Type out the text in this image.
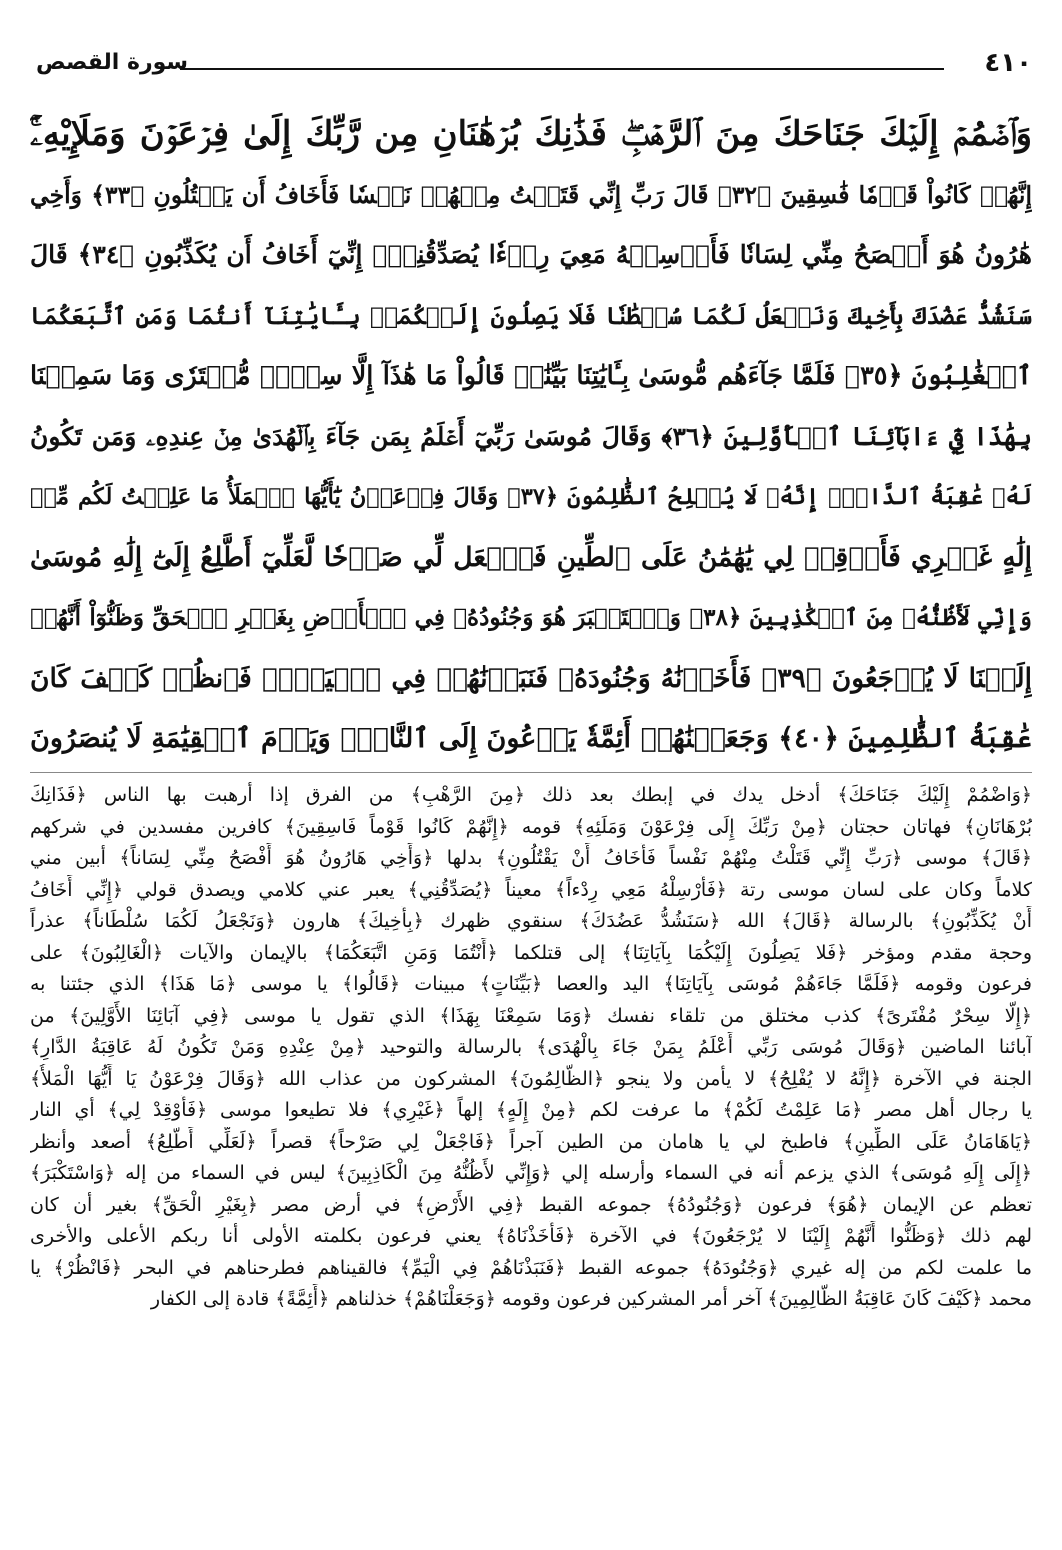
٤١٠
سورة القصص
وَٱضۡمُمۡ إِلَيۡكَ جَنَاحَكَ مِنَ ٱلرَّهۡبِۖ فَذَٰنِكَ بُرۡهَٰنَانِ مِن رَّبِّكَ إِلَىٰ فِرۡعَوۡنَ وَمَلَإِيْهِۦٓۚ
إِنَّهُمۡ كَانُواْ قَوۡمٗا فَٰسِقِينَ ﴿٣٢﴾ قَالَ رَبِّ إِنِّي قَتَلۡتُ مِنۡهُمۡ نَفۡسٗا فَأَخَافُ أَن يَقۡتُلُونِ ﴿٣٣﴾ وَأَخِي
هَٰرُونُ هُوَ أَفۡصَحُ مِنِّي لِسَانٗا فَأَرۡسِلۡهُ مَعِيَ رِدۡءٗا يُصَدِّقُنِيٓۖ إِنِّيٓ أَخَافُ أَن يُكَذِّبُونِ ﴿٣٤﴾ قَالَ
سَنَشُدُّ عَضُدَكَ بِأَخِيكَ وَنَجۡعَلُ لَكُمَا سُلۡطَٰنٗا فَلَا يَصِلُونَ إِلَيۡكُمَاۚ بِـَٔايَٰتِنَآ أَنتُمَا وَمَنِ ٱتَّبَعَكُمَا
ٱلۡغَٰلِبُونَ ﴿٣٥﴾ فَلَمَّا جَآءَهُم مُّوسَىٰ بِـَٔايَٰتِنَا بَيِّنَٰتٖ قَالُواْ مَا هَٰذَآ إِلَّا سِحۡرٞ مُّفۡتَرٗى وَمَا سَمِعۡنَا
بِهَٰذَا فِيٓ ءَابَآئِنَا ٱلۡأَوَّلِينَ ﴿٣٦﴾ وَقَالَ مُوسَىٰ رَبِّيٓ أَعۡلَمُ بِمَن جَآءَ بِٱلۡهُدَىٰ مِنۡ عِندِهِۦ وَمَن تَكُونُ
لَهُۥ عَٰقِبَةُ ٱلدَّارِۚ إِنَّهُۥ لَا يُفۡلِحُ ٱلظَّٰلِمُونَ ﴿٣٧﴾ وَقَالَ فِرۡعَوۡنُ يَٰٓأَيُّهَا ٱلۡمَلَأُ مَا عَلِمۡتُ لَكُم مِّنۡ
إِلَٰهٍ غَيۡرِي فَأَوۡقِدۡ لِي يَٰهَٰمَٰنُ عَلَى ٱلطِّينِ فَٱجۡعَل لِّي صَرۡحٗا لَّعَلِّيٓ أَطَّلِعُ إِلَىٰٓ إِلَٰهِ مُوسَىٰ
وَإِنِّي لَأَظُنُّهُۥ مِنَ ٱلۡكَٰذِبِينَ ﴿٣٨﴾ وَٱسۡتَكۡبَرَ هُوَ وَجُنُودُهُۥ فِي ٱلۡأَرۡضِ بِغَيۡرِ ٱلۡحَقِّ وَظَنُّوٓاْ أَنَّهُمۡ
إِلَيۡنَا لَا يُرۡجَعُونَ ﴿٣٩﴾ فَأَخَذۡنَٰهُ وَجُنُودَهُۥ فَنَبَذۡنَٰهُمۡ فِي ٱلۡيَمِّۖ فَٱنظُرۡ كَيۡفَ كَانَ
عَٰقِبَةُ ٱلظَّٰلِمِينَ ﴿٤٠﴾ وَجَعَلۡنَٰهُمۡ أَئِمَّةٗ يَدۡعُونَ إِلَى ٱلنَّارِۖ وَيَوۡمَ ٱلۡقِيَٰمَةِ لَا يُنصَرُونَ
﴿وَاضْمُمْ إِلَيْكَ جَنَاحَكَ﴾ أدخل يدك في إبطك بعد ذلك ﴿مِنَ الرَّهْبِ﴾ من الفرق إذا أرهبت بها الناس ﴿فَذَانِكَ
بُرْهَانَانِ﴾ فهاتان حجتان ﴿مِنْ رَبِّكَ إِلَى فِرْعَوْنَ وَمَلَئِهِ﴾ قومه ﴿إِنَّهُمْ كَانُوا قَوْماً فَاسِقِينَ﴾ كافرين مفسدين في شركهم
﴿قَالَ﴾ موسى ﴿رَبِّ إِنِّي قَتَلْتُ مِنْهُمْ نَفْساً فَأَخَافُ أَنْ يَقْتُلُونِ﴾ بدلها ﴿وَأَخِي هَارُونُ هُوَ أَفْصَحُ مِنِّي لِسَاناً﴾ أبين مني
كلاماً وكان على لسان موسى رتة ﴿فَأَرْسِلْهُ مَعِي رِدْءاً﴾ معيناً ﴿يُصَدِّقُنِي﴾ يعبر عني كلامي ويصدق قولي ﴿إِنِّي أَخَافُ
أَنْ يُكَذِّبُونِ﴾ بالرسالة ﴿قَالَ﴾ الله ﴿سَنَشُدُّ عَضُدَكَ﴾ سنقوي ظهرك ﴿بِأَخِيكَ﴾ هارون ﴿وَنَجْعَلُ لَكُمَا سُلْطَاناً﴾ عذراً
وحجة مقدم ومؤخر ﴿فَلا يَصِلُونَ إِلَيْكُمَا بِآيَاتِنَا﴾ إلى قتلكما ﴿أَنْتُمَا وَمَنِ اتَّبَعَكُمَا﴾ بالإيمان والآيات ﴿الْغَالِبُونَ﴾ على
فرعون وقومه ﴿فَلَمَّا جَاءَهُمْ مُوسَى بِآيَاتِنَا﴾ اليد والعصا ﴿بَيِّنَاتٍ﴾ مبينات ﴿قَالُوا﴾ يا موسى ﴿مَا هَذَا﴾ الذي جئتنا به
﴿إِلَّا سِحْرٌ مُفْتَرىً﴾ كذب مختلق من تلقاء نفسك ﴿وَمَا سَمِعْنَا بِهَذَا﴾ الذي تقول يا موسى ﴿فِي آبَائِنَا الأَوَّلِينَ﴾ من
آبائنا الماضين ﴿وَقَالَ مُوسَى رَبِّي أَعْلَمُ بِمَنْ جَاءَ بِالْهُدَى﴾ بالرسالة والتوحيد ﴿مِنْ عِنْدِهِ وَمَنْ تَكُونُ لَهُ عَاقِبَةُ الدَّارِ﴾
الجنة في الآخرة ﴿إِنَّهُ لا يُفْلِحُ﴾ لا يأمن ولا ينجو ﴿الظَّالِمُونَ﴾ المشركون من عذاب الله ﴿وَقَالَ فِرْعَوْنُ يَا أَيُّهَا الْمَلأُ﴾
يا رجال أهل مصر ﴿مَا عَلِمْتُ لَكُمْ﴾ ما عرفت لكم ﴿مِنْ إِلَهٍ﴾ إلهاً ﴿غَيْرِي﴾ فلا تطيعوا موسى ﴿فَأَوْقِدْ لِي﴾ أي النار
﴿يَاهَامَانُ عَلَى الطِّينِ﴾ فاطبخ لي يا هامان من الطين آجراً ﴿فَاجْعَلْ لِي صَرْحاً﴾ قصراً ﴿لَعَلِّي أَطَّلِعُ﴾ أصعد وأنظر
﴿إِلَى إِلَهِ مُوسَى﴾ الذي يزعم أنه في السماء وأرسله إلي ﴿وَإِنِّي لأَظُنُّهُ مِنَ الْكَاذِبِينَ﴾ ليس في السماء من إله ﴿وَاسْتَكْبَرَ﴾
تعظم عن الإيمان ﴿هُوَ﴾ فرعون ﴿وَجُنُودُهُ﴾ جموعه القبط ﴿فِي الأَرْضِ﴾ في أرض مصر ﴿بِغَيْرِ الْحَقِّ﴾ بغير أن كان
لهم ذلك ﴿وَظَنُّوا أَنَّهُمْ إِلَيْنَا لا يُرْجَعُونَ﴾ في الآخرة ﴿فَأَخَذْنَاهُ﴾ يعني فرعون بكلمته الأولى أنا ربكم الأعلى والأخرى
ما علمت لكم من إله غيري ﴿وَجُنُودَهُ﴾ جموعه القبط ﴿فَنَبَذْنَاهُمْ فِي الْيَمِّ﴾ فالقيناهم فطرحناهم في البحر ﴿فَانْظُرْ﴾ يا
محمد ﴿كَيْفَ كَانَ عَاقِبَةُ الظَّالِمِينَ﴾ آخر أمر المشركين فرعون وقومه ﴿وَجَعَلْنَاهُمْ﴾ خذلناهم ﴿أَئِمَّةً﴾ قادة إلى الكفار
